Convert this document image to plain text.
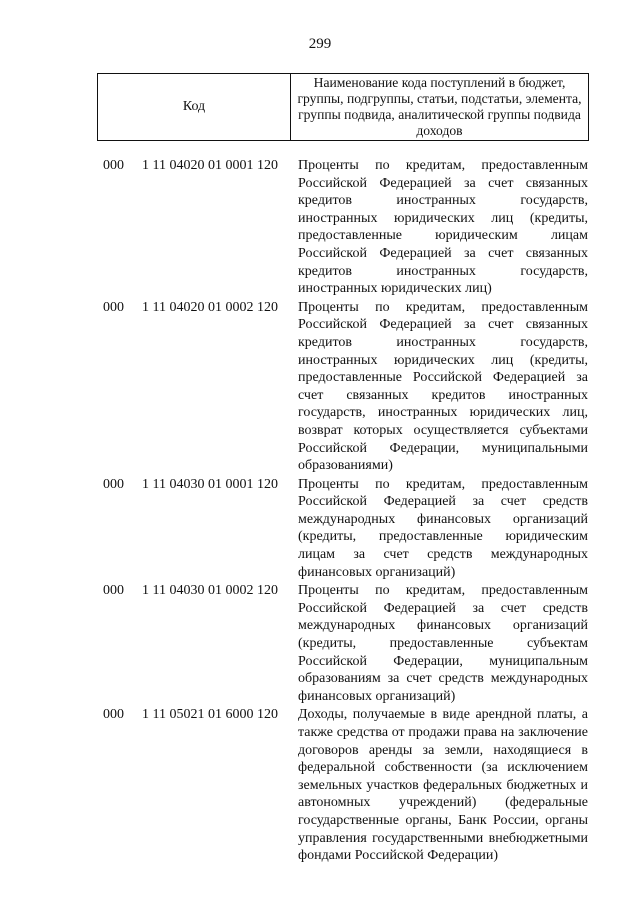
299
Код
Наименование кода поступлений в бюджет, группы, подгруппы, статьи, подстатьи, элемента, группы подвида, аналитической группы подвида доходов
000	1 11 04020 01 0001 120 Проценты по кредитам, предоставленным Российской Федерацией за счет связанных кредитов иностранных государств, иностранных юридических лиц (кредиты, предоставленные юридическим лицам Российской Федерацией за счет связанных кредитов иностранных государств, иностранных юридических лиц)
000	1 11 04020 01 0002 120 Проценты по кредитам, предоставленным Российской Федерацией за счет связанных кредитов иностранных государств, иностранных юридических лиц (кредиты, предоставленные Российской Федерацией за счет связанных кредитов иностранных государств, иностранных юридических лиц, возврат которых осуществляется субъектами Российской Федерации, муниципальными образованиями)
000	1 11 04030 01 0001 120 Проценты по кредитам, предоставленным Российской Федерацией за счет средств международных финансовых организаций (кредиты, предоставленные юридическим лицам за счет средств международных финансовых организаций)
000	1 11 04030 01 0002 120 Проценты по кредитам, предоставленным Российской Федерацией за счет средств международных финансовых организаций (кредиты, предоставленные субъектам Российской Федерации, муниципальным образованиям за счет средств международных финансовых организаций)
000	1 11 05021 01 6000 120 Доходы, получаемые в виде арендной платы, а также средства от продажи права на заключение договоров аренды за земли, находящиеся в федеральной собственности (за исключением земельных участков федеральных бюджетных и автономных учреждений) (федеральные государственные органы, Банк России, органы управления государственными внебюджетными фондами Российской Федерации)
